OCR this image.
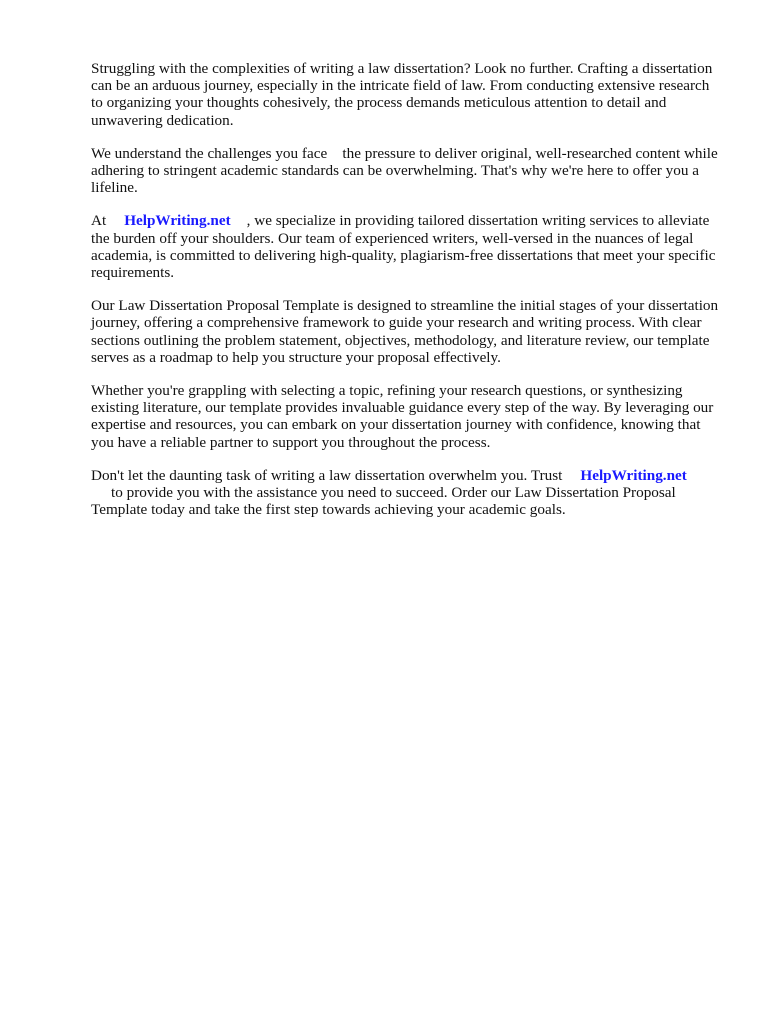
Struggling with the complexities of writing a law dissertation? Look no further. Crafting a dissertation can be an arduous journey, especially in the intricate field of law. From conducting extensive research to organizing your thoughts cohesively, the process demands meticulous attention to detail and unwavering dedication.

We understand the challenges you face    the pressure to deliver original, well-researched content while adhering to stringent academic standards can be overwhelming. That's why we're here to offer you a lifeline.

At HelpWriting.net , we specialize in providing tailored dissertation writing services to alleviate the burden off your shoulders. Our team of experienced writers, well-versed in the nuances of legal academia, is committed to delivering high-quality, plagiarism-free dissertations that meet your specific requirements.

Our Law Dissertation Proposal Template is designed to streamline the initial stages of your dissertation journey, offering a comprehensive framework to guide your research and writing process. With clear sections outlining the problem statement, objectives, methodology, and literature review, our template serves as a roadmap to help you structure your proposal effectively.

Whether you're grappling with selecting a topic, refining your research questions, or synthesizing existing literature, our template provides invaluable guidance every step of the way. By leveraging our expertise and resources, you can embark on your dissertation journey with confidence, knowing that you have a reliable partner to support you throughout the process.

Don't let the daunting task of writing a law dissertation overwhelm you. Trust HelpWriting.net
to provide you with the assistance you need to succeed. Order our Law Dissertation Proposal Template today and take the first step towards achieving your academic goals.
